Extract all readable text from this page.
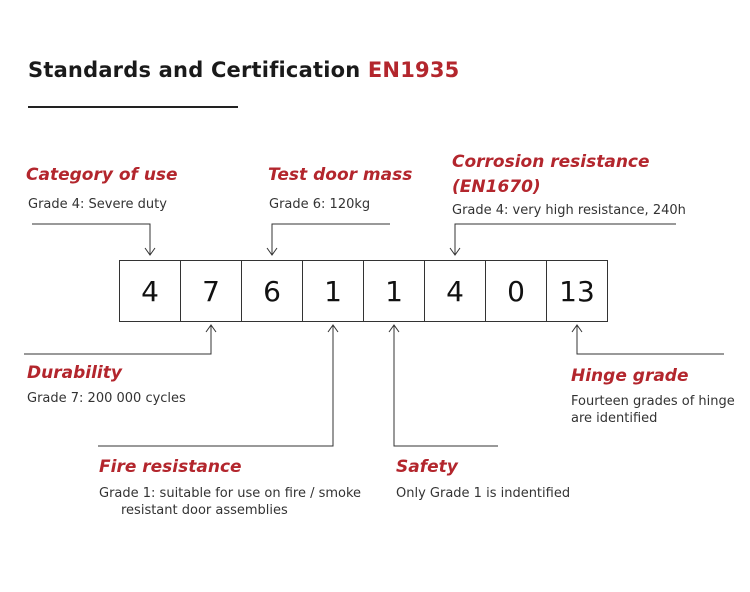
Standards and Certification EN1935
Category of use
Grade 4: Severe duty
Test door mass
Grade 6: 120kg
Corrosion resistance
(EN1670)
Grade 4: very high resistance, 240h
4	7	6	1	1	4	0	13
Durability
Grade 7: 200 000 cycles
Hinge grade
Fourteen grades of hinge
are identified
Fire resistance
Grade 1: suitable for use on fire / smoke
resistant door assemblies
Safety
Only Grade 1 is indentified
